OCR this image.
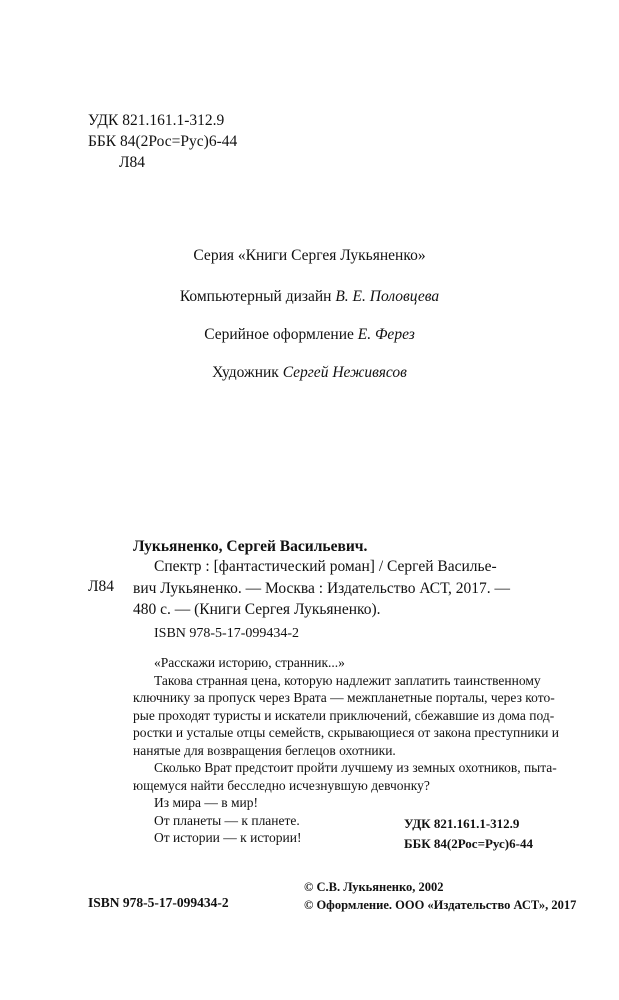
УДК 821.161.1-312.9
ББК 84(2Рос=Рус)6-44
Л84
Серия «Книги Сергея Лукьяненко»
Компьютерный дизайн В. Е. Половцева
Серийное оформление Е. Ферез
Художник Сергей Неживясов
Лукьяненко, Сергей Васильевич.
Спектр : [фантастический роман] / Сергей Василье-
вич Лукьяненко. — Москва : Издательство АСТ, 2017. —
480 с. — (Книги Сергея Лукьяненко).
Л84
ISBN 978-5-17-099434-2
«Расскажи историю, странник...»
Такова странная цена, которую надлежит заплатить таинственному
ключнику за пропуск через Врата — межпланетные порталы, через кото-
рые проходят туристы и искатели приключений, сбежавшие из дома под-
ростки и усталые отцы семейств, скрывающиеся от закона преступники и
нанятые для возвращения беглецов охотники.
Сколько Врат предстоит пройти лучшему из земных охотников, пыта-
ющемуся найти бесследно исчезнувшую девчонку?
Из мира — в мир!
От планеты — к планете.
От истории — к истории!
УДК 821.161.1-312.9
ББК 84(2Рос=Рус)6-44
© С.В. Лукьяненко, 2002
© Оформление. ООО «Издательство АСТ», 2017
ISBN 978-5-17-099434-2
